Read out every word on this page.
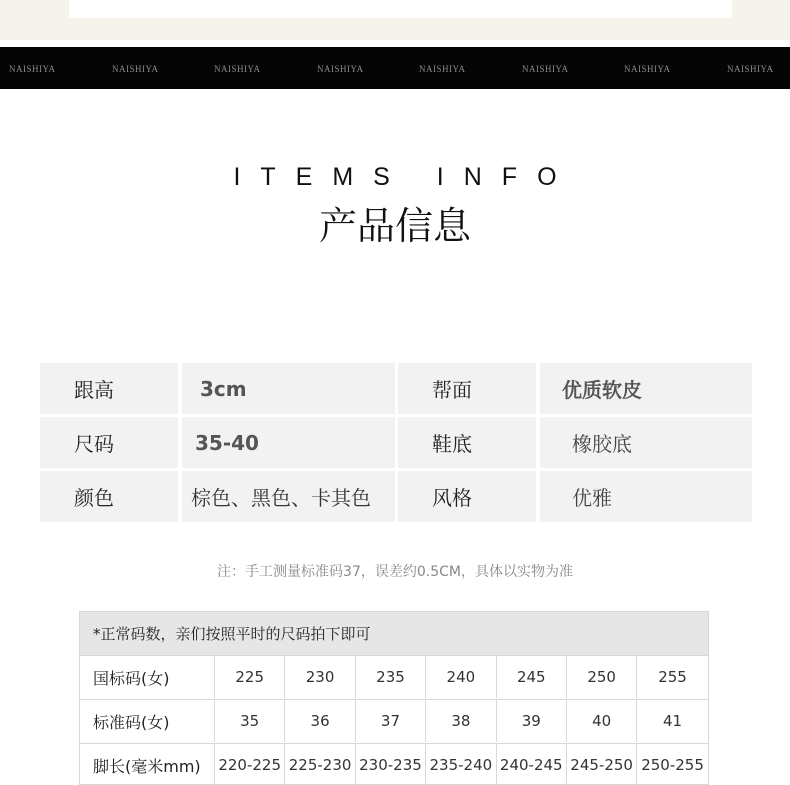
NAISHIYA	NAISHIYA	NAISHIYA	NAISHIYA	NAISHIYA	NAISHIYA	NAISHIYA	NAISHIYA
ITEMS INFO
产品信息
跟高	3cm	帮面	优质软皮
尺码	35-40	鞋底	橡胶底
颜色	棕色、黑色、卡其色	风格	优雅
注：手工测量标准码37，误差约0.5CM，具体以实物为准
*正常码数，亲们按照平时的尺码拍下即可
国标码(女)	225	230	235	240	245	250	255
标准码(女)	35	36	37	38	39	40	41
脚长(毫米mm)	220-225 225-230 230-235 235-240 240-245 245-250 250-255
